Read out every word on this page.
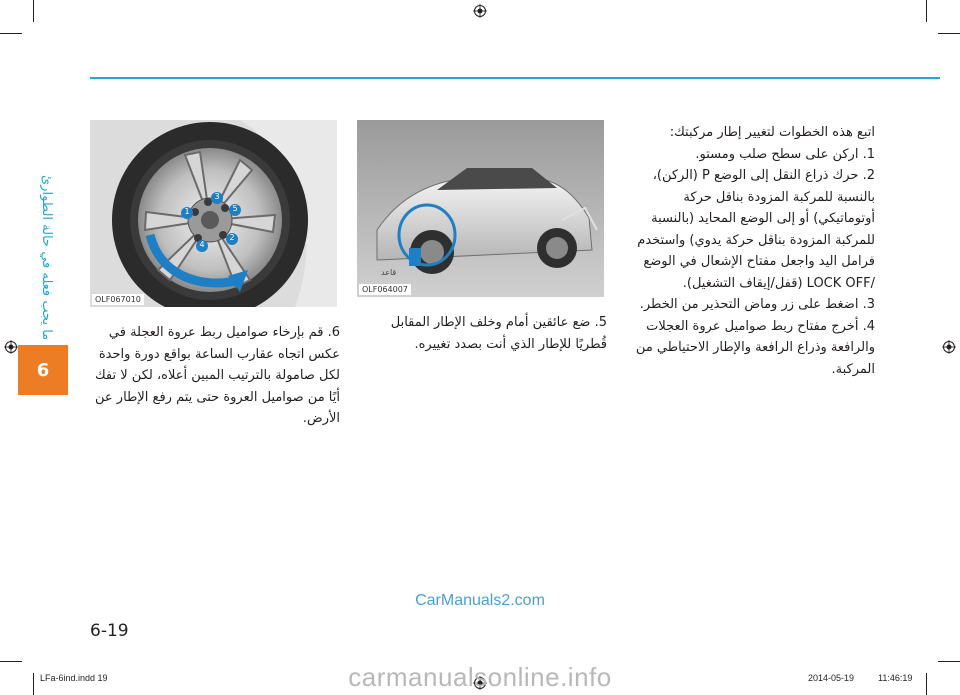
ﻣﺎ ﻳﺠﺐ ﻓﻌﻠﻪ ﻓﻲ ﺣﺎﻟﺔ اﻟﻄﻮارئ
6
1
2
3
4
5
OLF067010
قاعد
OLF064007

ﺍﺗﺒﻊ ﻫﺬﻩ ﺍﻟﺨﻄﻮﺍﺕ ﻟﺘﻐﻴﻴﺮ ﺇﻃﺎﺭ ﻣﺮﻛﺒﺘﻚ:

1. ﺍﺭﻛﻦ ﻋﻠﻰ ﺳﻄﺢ ﺻﻠﺐ ﻭﻣﺴﺘﻮ.

2. ﺣﺮﻙ ﺫﺭﺍﻉ ﺍﻟﻨﻘﻞ ﺇﻟﻰ ﺍﻟﻮﺿﻊ P (ﺍﻟﺮﻛﻦ)، ﺑﺎﻟﻨﺴﺒﺔ ﻟﻠﻤﺮﻛﺒﺔ ﺍﻟﻤﺰﻭﺩﺓ ﺑﻨﺎﻗﻞ ﺣﺮﻛﺔ ﺃﻭﺗﻮﻣﺎﺗﻴﻜﻲ) ﺃﻭ ﺇﻟﻰ ﺍﻟﻮﺿﻊ ﺍﻟﻤﺤﺎﻳﺪ (ﺑﺎﻟﻨﺴﺒﺔ ﻟﻠﻤﺮﻛﺒﺔ ﺍﻟﻤﺰﻭﺩﺓ ﺑﻨﺎﻗﻞ ﺣﺮﻛﺔ ﻳﺪﻭﻱ) ﻭﺍﺳﺘﺨﺪﻡ ﻓﺮﺍﻣﻞ ﺍﻟﻴﺪ ﻭﺍﺟﻌﻞ ﻣﻔﺘﺎﺡ ﺍﻹﺷﻌﺎﻝ ﻓﻲ ﺍﻟﻮﺿﻊ /LOCK OFF (ﻗﻔﻞ/ﺇﻳﻘﺎﻑ ﺍﻟﺘﺸﻐﻴﻞ).

3. ﺍﺿﻐﻂ ﻋﻠﻰ ﺯﺭ ﻭﻣﺎﺽ ﺍﻟﺘﺤﺬﻳﺮ ﻣﻦ ﺍﻟﺨﻄﺮ.

4. ﺃﺧﺮﺝ ﻣﻔﺘﺎﺡ ﺭﺑﻂ ﺻﻮﺍﻣﻴﻞ ﻋﺮﻭﺓ ﺍﻟﻌﺠﻼﺕ ﻭﺍﻟﺮﺍﻓﻌﺔ ﻭﺫﺭﺍﻉ ﺍﻟﺮﺍﻓﻌﺔ ﻭﺍﻹﻃﺎﺭ ﺍﻻﺣﺘﻴﺎﻃﻲ ﻣﻦ ﺍﻟﻤﺮﻛﺒﺔ.

5. ﺿﻊ ﻋﺎﺋﻘﻴﻦ ﺃﻣﺎﻡ ﻭﺧﻠﻒ ﺍﻹﻃﺎﺭ ﺍﻟﻤﻘﺎﺑﻞ ﻗُﻄﺮﻳًﺎ ﻟﻺﻃﺎﺭ ﺍﻟﺬﻱ ﺃﻧﺖ ﺑﺼﺪﺩ ﺗﻐﻴﻴﺮﻩ.

6. ﻗﻢ ﺑﺈﺭﺧﺎﺀ ﺻﻮﺍﻣﻴﻞ ﺭﺑﻂ ﻋﺮﻭﺓ ﺍﻟﻌﺠﻠﺔ ﻓﻲ ﻋﻜﺲ ﺍﺗﺠﺎﻩ ﻋﻘﺎﺭﺏ ﺍﻟﺴﺎﻋﺔ ﺑﻮﺍﻗﻊ ﺩﻭﺭﺓ ﻭﺍﺣﺪﺓ ﻟﻜﻞ ﺻﺎﻣﻮﻟﺔ ﺑﺎﻟﺘﺮﺗﻴﺐ ﺍﻟﻤﺒﻴﻦ ﺃﻋﻼﻩ، ﻟﻜﻦ ﻻ ﺗﻔﻚ ﺃﻳًﺎ ﻣﻦ ﺻﻮﺍﻣﻴﻞ ﺍﻟﻌﺮﻭﺓ ﺣﺘﻰ ﻳﺘﻢ ﺭﻓﻊ ﺍﻹﻃﺎﺭ ﻋﻦ ﺍﻷﺭﺽ.

CarManuals2.com
6-19
LFa-6ind.indd 19	2014-05-19	11:46:19
carmanualsonline.info
